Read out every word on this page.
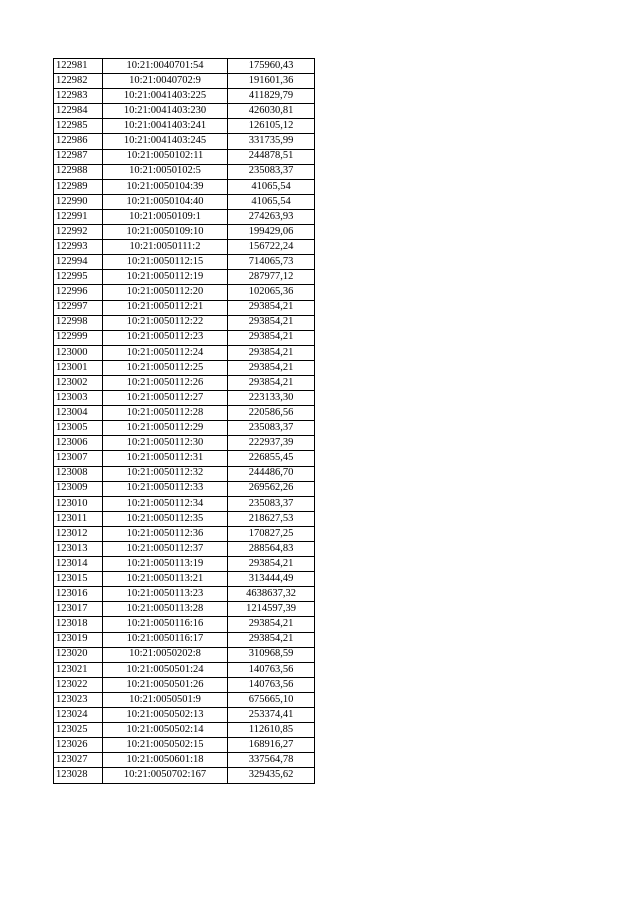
122981	10:21:0040701:54	175960,43
122982	10:21:0040702:9	191601,36
122983	10:21:0041403:225	411829,79
122984	10:21:0041403:230	426030,81
122985	10:21:0041403:241	126105,12
122986	10:21:0041403:245	331735,99
122987	10:21:0050102:11	244878,51
122988	10:21:0050102:5	235083,37
122989	10:21:0050104:39	41065,54
122990	10:21:0050104:40	41065,54
122991	10:21:0050109:1	274263,93
122992	10:21:0050109:10	199429,06
122993	10:21:0050111:2	156722,24
122994	10:21:0050112:15	714065,73
122995	10:21:0050112:19	287977,12
122996	10:21:0050112:20	102065,36
122997	10:21:0050112:21	293854,21
122998	10:21:0050112:22	293854,21
122999	10:21:0050112:23	293854,21
123000	10:21:0050112:24	293854,21
123001	10:21:0050112:25	293854,21
123002	10:21:0050112:26	293854,21
123003	10:21:0050112:27	223133,30
123004	10:21:0050112:28	220586,56
123005	10:21:0050112:29	235083,37
123006	10:21:0050112:30	222937,39
123007	10:21:0050112:31	226855,45
123008	10:21:0050112:32	244486,70
123009	10:21:0050112:33	269562,26
123010	10:21:0050112:34	235083,37
123011	10:21:0050112:35	218627,53
123012	10:21:0050112:36	170827,25
123013	10:21:0050112:37	288564,83
123014	10:21:0050113:19	293854,21
123015	10:21:0050113:21	313444,49
123016	10:21:0050113:23	4638637,32
123017	10:21:0050113:28	1214597,39
123018	10:21:0050116:16	293854,21
123019	10:21:0050116:17	293854,21
123020	10:21:0050202:8	310968,59
123021	10:21:0050501:24	140763,56
123022	10:21:0050501:26	140763,56
123023	10:21:0050501:9	675665,10
123024	10:21:0050502:13	253374,41
123025	10:21:0050502:14	112610,85
123026	10:21:0050502:15	168916,27
123027	10:21:0050601:18	337564,78
123028	10:21:0050702:167	329435,62
